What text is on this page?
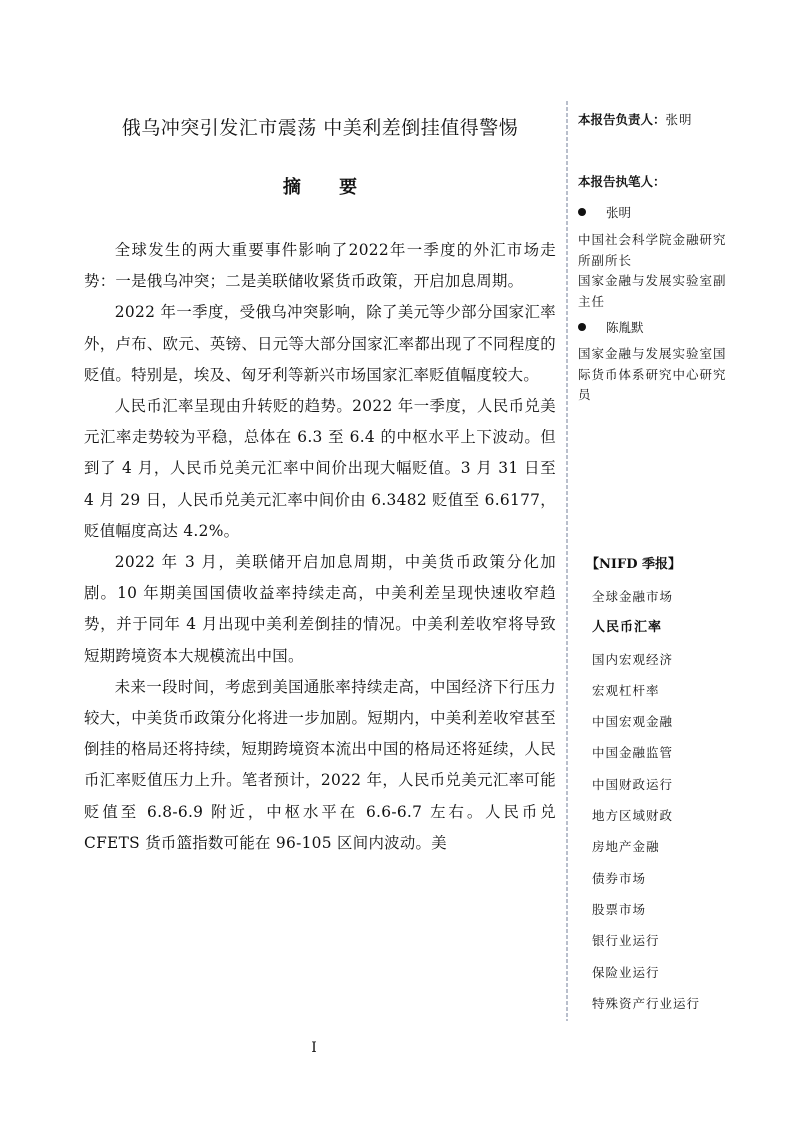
俄乌冲突引发汇市震荡 中美利差倒挂值得警惕
摘 要

全球发生的两大重要事件影响了2022年一季度的外汇市场走势：一是俄乌冲突；二是美联储收紧货币政策，开启加息周期。

2022 年一季度，受俄乌冲突影响，除了美元等少部分国家汇率外，卢布、欧元、英镑、日元等大部分国家汇率都出现了不同程度的贬值。特别是，埃及、匈牙利等新兴市场国家汇率贬值幅度较大。

人民币汇率呈现由升转贬的趋势。2022 年一季度，人民币兑美元汇率走势较为平稳，总体在 6.3 至 6.4 的中枢水平上下波动。但到了 4 月，人民币兑美元汇率中间价出现大幅贬值。3 月 31 日至 4 月 29 日，人民币兑美元汇率中间价由 6.3482 贬值至 6.6177，贬值幅度高达 4.2%。

2022 年 3 月，美联储开启加息周期，中美货币政策分化加剧。10 年期美国国债收益率持续走高，中美利差呈现快速收窄趋势，并于同年 4 月出现中美利差倒挂的情况。中美利差收窄将导致短期跨境资本大规模流出中国。

未来一段时间，考虑到美国通胀率持续走高，中国经济下行压力较大，中美货币政策分化将进一步加剧。短期内，中美利差收窄甚至倒挂的格局还将持续，短期跨境资本流出中国的格局还将延续，人民币汇率贬值压力上升。笔者预计，2022 年，人民币兑美元汇率可能贬值至 6.8-6.9 附近，中枢水平在 6.6-6.7 左右。人民币兑 CFETS 货币篮指数可能在 96-105 区间内波动。美

I
本报告负责人：张明
本报告执笔人：
张明
中国社会科学院金融研究所副所长
国家金融与发展实验室副主任
陈胤默
国家金融与发展实验室国际货币体系研究中心研究员
【NIFD 季报】
全球金融市场
人民币汇率
国内宏观经济
宏观杠杆率
中国宏观金融
中国金融监管
中国财政运行
地方区域财政
房地产金融
债券市场
股票市场
银行业运行
保险业运行
特殊资产行业运行
